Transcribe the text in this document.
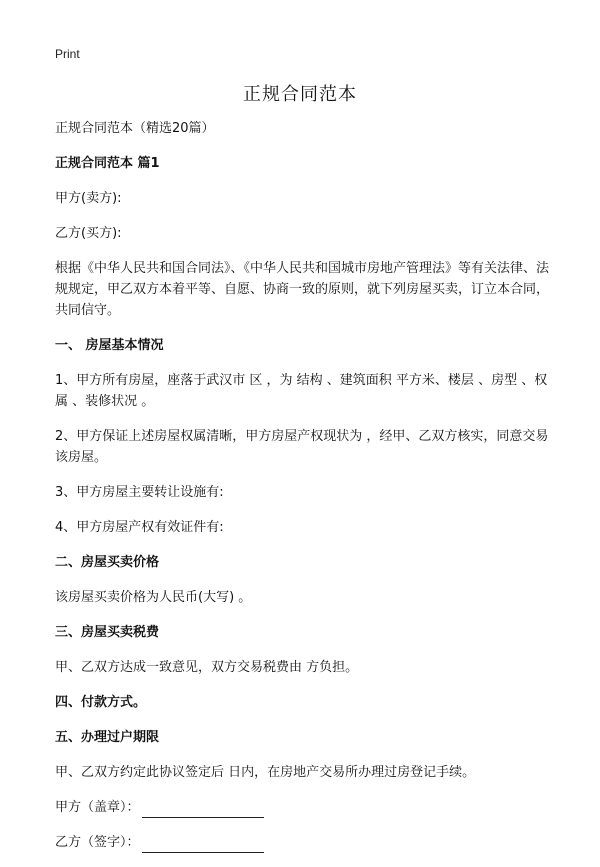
Print
正规合同范本

正规合同范本（精选20篇）

正规合同范本 篇1

甲方(卖方):

乙方(买方):

根据《中华人民共和国合同法》、《中华人民共和国城市房地产管理法》等有关法律、法规规定，甲乙双方本着平等、自愿、协商一致的原则，就下列房屋买卖，订立本合同，共同信守。

一、 房屋基本情况

1、甲方所有房屋，座落于武汉市 区 ，为 结构 、建筑面积 平方米、楼层 、房型 、权属 、装修状况 。

2、甲方保证上述房屋权属清晰，甲方房屋产权现状为 ，经甲、乙双方核实，同意交易该房屋。

3、甲方房屋主要转让设施有:

4、甲方房屋产权有效证件有:

二、房屋买卖价格

该房屋买卖价格为人民币(大写) 。

三、房屋买卖税费

甲、乙双方达成一致意见，双方交易税费由 方负担。

四、付款方式。

五、办理过户期限

甲、乙双方约定此协议签定后 日内，在房地产交易所办理过房登记手续。

甲方（盖章）：

乙方（签字）：
